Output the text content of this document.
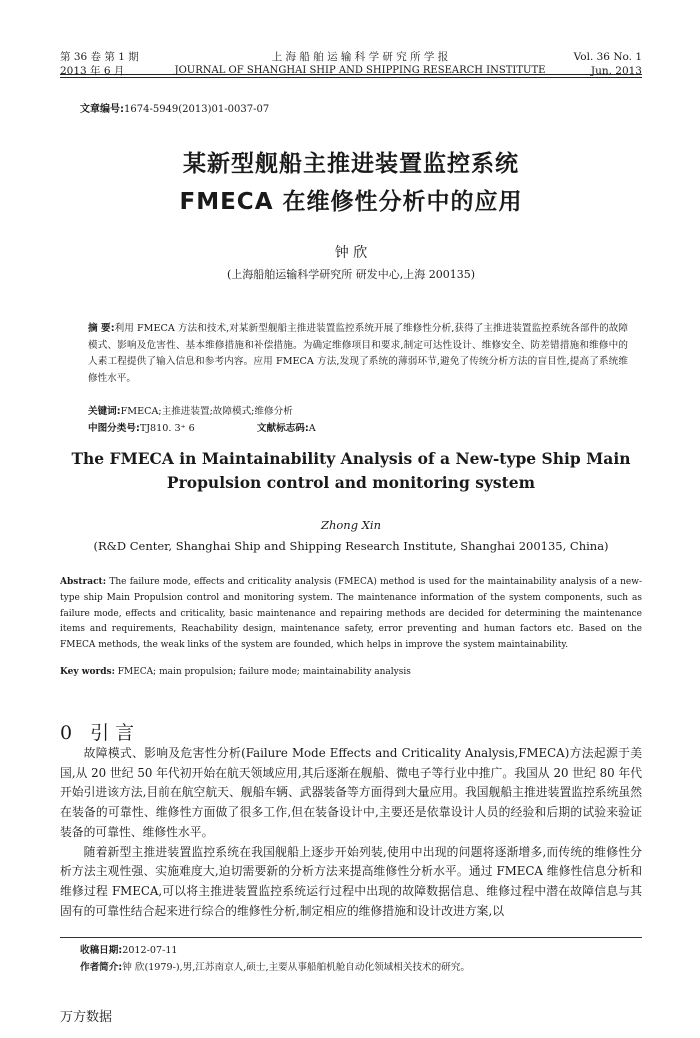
第 36 卷 第 1 期
2013 年 6 月
上 海 船 舶 运 输 科 学 研 究 所 学 报
JOURNAL OF SHANGHAI SHIP AND SHIPPING RESEARCH INSTITUTE
Vol. 36 No. 1
Jun. 2013
文章编号:1674-5949(2013)01-0037-07
某新型舰船主推进装置监控系统
FMECA 在维修性分析中的应用
钟 欣
(上海船舶运输科学研究所 研发中心,上海 200135)
摘 要:利用 FMECA 方法和技术,对某新型舰船主推进装置监控系统开展了维修性分析,获得了主推进装置监控系统各部件的故障模式、影响及危害性、基本维修措施和补偿措施。为确定维修项目和要求,制定可达性设计、维修安全、防差错措施和维修中的人素工程提供了输入信息和参考内容。应用 FMECA 方法,发现了系统的薄弱环节,避免了传统分析方法的盲目性,提高了系统维修性水平。
关键词:FMECA;主推进装置;故障模式;维修分析
中图分类号:TJ810. 3⁺ 6	文献标志码:A
The FMECA in Maintainability Analysis of a New-type Ship Main
Propulsion control and monitoring system
Zhong Xin
(R&D Center, Shanghai Ship and Shipping Research Institute, Shanghai 200135, China)
Abstract: The failure mode, effects and criticality analysis (FMECA) method is used for the maintainability analysis of a new-type ship Main Propulsion control and monitoring system. The maintenance information of the system components, such as failure mode, effects and criticality, basic maintenance and repairing methods are decided for determining the maintenance items and requirements, Reachability design, maintenance safety, error preventing and human factors etc. Based on the FMECA methods, the weak links of the system are founded, which helps in improve the system maintainability.
Key words: FMECA; main propulsion; failure mode; maintainability analysis
0 引 言

故障模式、影响及危害性分析(Failure Mode Effects and Criticality Analysis,FMECA)方法起源于美国,从 20 世纪 50 年代初开始在航天领域应用,其后逐渐在舰船、微电子等行业中推广。我国从 20 世纪 80 年代开始引进该方法,目前在航空航天、舰船车辆、武器装备等方面得到大量应用。我国舰船主推进装置监控系统虽然在装备的可靠性、维修性方面做了很多工作,但在装备设计中,主要还是依靠设计人员的经验和后期的试验来验证装备的可靠性、维修性水平。

随着新型主推进装置监控系统在我国舰船上逐步开始列装,使用中出现的问题将逐渐增多,而传统的维修性分析方法主观性强、实施难度大,迫切需要新的分析方法来提高维修性分析水平。通过 FMECA 维修性信息分析和维修过程 FMECA,可以将主推进装置监控系统运行过程中出现的故障数据信息、维修过程中潜在故障信息与其固有的可靠性结合起来进行综合的维修性分析,制定相应的维修措施和设计改进方案,以

收稿日期:2012-07-11
作者简介:钟 欣(1979-),男,江苏南京人,硕士,主要从事船舶机舱自动化领域相关技术的研究。
万方数据
